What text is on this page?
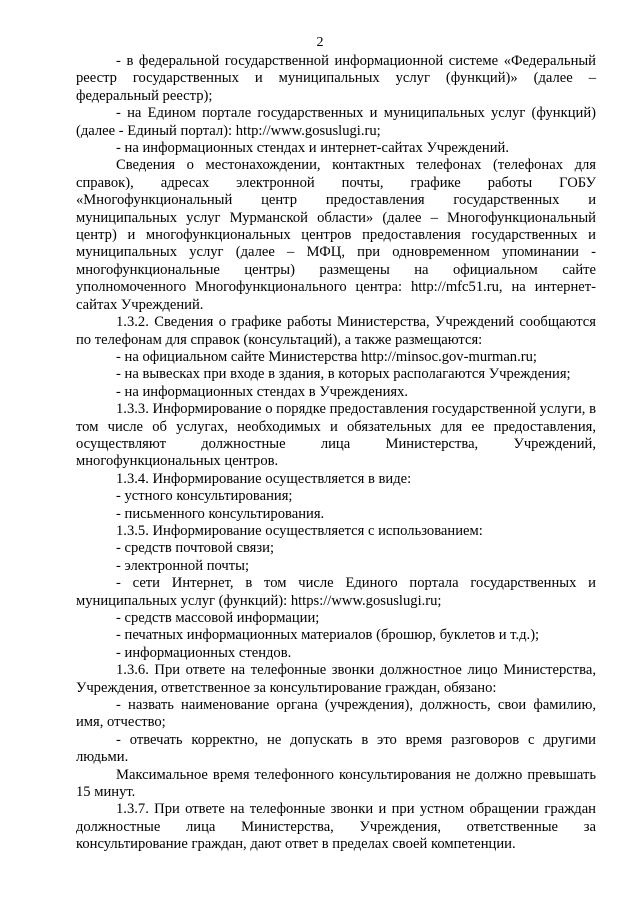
2

- в федеральной государственной информационной системе «Федеральный реестр государственных и муниципальных услуг (функций)» (далее – федеральный реестр);

- на Едином портале государственных и муниципальных услуг (функций) (далее - Единый портал): http://www.gosuslugi.ru;

- на информационных стендах и интернет-сайтах Учреждений.

Сведения о местонахождении, контактных телефонах (телефонах для справок), адресах электронной почты, графике работы ГОБУ «Многофункциональный центр предоставления государственных и муниципальных услуг Мурманской области» (далее – Многофункциональный центр) и многофункциональных центров предоставления государственных и муниципальных услуг (далее – МФЦ, при одновременном упоминании - многофункциональные центры) размещены на официальном сайте уполномоченного Многофункционального центра: http://mfc51.ru, на интернет-сайтах Учреждений.

1.3.2. Сведения о графике работы Министерства, Учреждений сообщаются по телефонам для справок (консультаций), а также размещаются:

- на официальном сайте Министерства http://minsoc.gov-murman.ru;

- на вывесках при входе в здания, в которых располагаются Учреждения;

- на информационных стендах в Учреждениях.

1.3.3. Информирование о порядке предоставления государственной услуги, в том числе об услугах, необходимых и обязательных для ее предоставления, осуществляют должностные лица Министерства, Учреждений, многофункциональных центров.

1.3.4. Информирование осуществляется в виде:

- устного консультирования;

- письменного консультирования.

1.3.5. Информирование осуществляется с использованием:

- средств почтовой связи;

- электронной почты;

- сети Интернет, в том числе Единого портала государственных и муниципальных услуг (функций): https://www.gosuslugi.ru;

- средств массовой информации;

- печатных информационных материалов (брошюр, буклетов и т.д.);

- информационных стендов.

1.3.6. При ответе на телефонные звонки должностное лицо Министерства, Учреждения, ответственное за консультирование граждан, обязано:

- назвать наименование органа (учреждения), должность, свои фамилию, имя, отчество;

- отвечать корректно, не допускать в это время разговоров с другими людьми.

Максимальное время телефонного консультирования не должно превышать 15 минут.

1.3.7. При ответе на телефонные звонки и при устном обращении граждан должностные лица Министерства, Учреждения, ответственные за консультирование граждан, дают ответ в пределах своей компетенции.
